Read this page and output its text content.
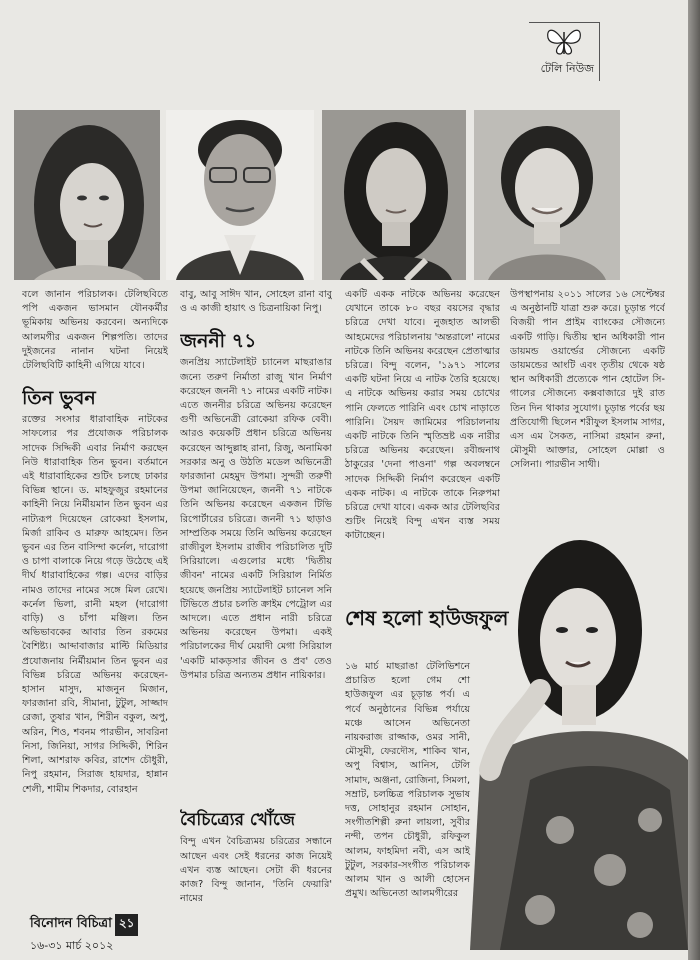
টেলি নিউজ
বলে জানান পরিচালক। টেলিছবিতে পপি একজন ভাসমান যৌনকর্মীর ভূমিকায় অভিনয় করবেন। অন্যদিকে আলমগীর একজন শিল্পপতি। তাদের দুইজনের নানান ঘটনা নিয়েই টেলিছবিটি কাহিনী এগিয়ে যাবে।
তিন ভুবন
রক্তের সংসার ধারাবাহিক নাটকের সাফল্যের পর প্রযোজক পরিচালক সাদেক সিদ্দিকী এবার নির্মাণ করছেন নিউ ধারাবাহিক তিন ভুবন। বর্তমানে এই ধারাবাহিকের শুটিং চলছে ঢাকার বিভিন্ন স্থানে। ড. মাহফুজুর রহমানের কাহিনী নিয়ে নির্মীয়মান তিন ভুবন এর নাট্যরূপ দিয়েছেন রোকেয়া ইসলাম, মির্জা রাকিব ও মারুফ আহমেদ। তিন ভুবন এর তিন বাসিন্দা কর্নেল, দারোগা ও চাপা বালাকে নিয়ে গড়ে উঠেছে এই দীর্ঘ ধারাবাহিকের গল্প। এদের বাড়ির নামও তাদের নামের সঙ্গে মিল রেখে। কর্নেল ভিলা, রানী মহল (দারোগা বাড়ি) ও চাঁপা মঞ্জিল। তিন অভিভাবকের আবার তিন রকমের বৈশিষ্ট্য। আব্দাবাজার মাল্টি মিডিয়ার প্রযোজনায় নির্মীয়মান তিন ভুবন এর বিভিন্ন চরিত্রে অভিনয় করেছেন- হাসান মাসুদ, মাজনুন মিজান, ফারজানা রবি, সীমানা, টুটুল, সাজ্জাদ রেজা, তুষার খান, শিরীন বকুল, অপু, অরিন, শিও, শবনম পারভীন, সাবরিনা নিসা, জিনিয়া, সাগর সিদ্দিকী, শিরিন শিলা, আশরাফ কবির, রাশেদ চৌধুরী, নিপু রহমান, সিরাজ হায়দার, হান্নান শেলী, শামীম শিকদার, বোরহান
বাবু, আবু সাঈদ খান, সোহেল রানা বাবু ও এ কাজী হায়াৎ ও চিত্রনায়িকা নিপু।
জননী ৭১
জনপ্রিয় স্যাটেলাইট চ্যানেল মাছরাঙার জন্যে তরুণ নির্মাতা রাজু খান নির্মাণ করেছেন জননী ৭১ নামের একটি নাটক। এতে জননীর চরিত্রে অভিনয় করেছেন গুণী অভিনেত্রী রোকেয়া রফিক বেবী। আরও কয়েকটি প্রধান চরিত্রে অভিনয় করেছেন আব্দুল্লাহ রানা, রিজু, অনামিকা সরকার অনু ও উঠতি মডেল অভিনেত্রী ফারজানা মেহমুদ উপমা। সুন্দরী তরুণী উপমা জানিয়েছেন, জননী ৭১ নাটকে তিনি অভিনয় করেছেন একজন টিভি রিপোর্টারের চরিত্রে। জননী ৭১ ছাড়াও সাম্প্রতিক সময়ে তিনি অভিনয় করেছেন রাজীবুল ইসলাম রাজীব পরিচালিত দুটি সিরিয়ালে। এগুলোর মধ্যে 'দ্বিতীয় জীবন' নামের একটি সিরিয়াল নির্মিত হয়েছে জনপ্রিয় স্যাটেলাইট চ্যানেল সনি টিভিতে প্রচার চলতি ক্রাইম পেট্রোল এর আদলে। এতে প্রধান নারী চরিত্রে অভিনয় করেছেন উপমা। একই পরিচালকের দীর্ঘ মেয়াদী মেগা সিরিয়াল 'একটি মাকড়সার জীবন ও প্রব' তেও উপমার চরিত্র অন্যতম প্রধান নায়িকার।
বৈচিত্র্যের খোঁজে
বিন্দু এখন বৈচিত্র্যময় চরিত্রের সন্ধানে আছেন এবং সেই ধরনের কাজ নিয়েই এখন ব্যস্ত আছেন। সেটা কী ধরনের কাজ? বিন্দু জানান, 'তিনি ফেয়ারি' নামের
একটি একক নাটকে অভিনয় করেছেন যেখানে তাকে ৮০ বছর বয়সের বৃদ্ধার চরিত্রে দেখা যাবে। নুজহাত আলভী আহমেদের পরিচালনায় 'অন্তরালে' নামের নাটকে তিনি অভিনয় করেছেন প্রেতাত্মার চরিত্রে। বিন্দু বলেন, '১৯৭১ সালের একটি ঘটনা নিয়ে এ নাটক তৈরি হয়েছে। এ নাটকে অভিনয় করার সময় চোখের পানি ফেলতে পারিনি এবং চোখ নাড়াতে পারিনি। সৈয়দ জামিমের পরিচালনায় একটি নাটকে তিনি স্মৃতিভ্রষ্ট এক নারীর চরিত্রে অভিনয় করেছেন। রবীন্দ্রনাথ ঠাকুরের 'দেনা পাওনা' গল্প অবলম্বনে সাদেক সিদ্দিকী নির্মাণ করেছেন একটি একক নাটক। এ নাটকে তাকে নিরুপমা চরিত্রে দেখা যাবে। একক আর টেলিছবির শুটিং নিয়েই বিন্দু এখন ব্যস্ত সময় কাটাচ্ছেন।
উপস্থাপনায় ২০১১ সালের ১৬ সেপ্টেম্বর এ অনুষ্ঠানটি যাত্রা শুরু করে। চূড়ান্ত পর্বে বিজয়ী পান প্রাইম ব্যাংকের সৌজন্যে একটি গাড়ি। দ্বিতীয় স্থান অধিকারী পান ডায়মন্ড ওয়ার্ল্ডের সৌজন্যে একটি ডায়মন্ডের আংটি এবং তৃতীয় থেকে ষষ্ঠ স্থান অধিকারী প্রত্যেকে পান হোটেল সি-গালের সৌজন্যে কক্সবাজারে দুই রাত তিন দিন থাকার সুযোগ। চূড়ান্ত পর্বের ছয় প্রতিযোগী ছিলেন শরীফুল ইসলাম সাগর, এস এম সৈকত, নাসিমা রহমান রুনা, মৌসুমী আক্তার, সোহেল মোল্লা ও সেলিনা। পারভীন সাথী।
শেষ হলো হাউজফুল
১৬ মার্চ মাছরাঙা টেলিভিশনে প্রচারিত হলো গেম শো হাউজফুল এর চূড়ান্ত পর্ব। এ পর্বে অনুষ্ঠানের বিভিন্ন পর্যায়ে মঞ্চে আসেন অভিনেতা নায়করাজ রাজ্জাক, ওমর সানী, মৌসুমী, ফেরদৌস, শাকিব খান, অপু বিশ্বাস, আনিস, টেলি সামাদ, অঞ্জনা, রোজিনা, সিমলা, সম্রাট, চলচ্চিত্র পরিচালক সুভাষ দত্ত, সোহানুর রহমান সোহান, সংগীতশিল্পী রুনা লায়লা, সুবীর নন্দী, তপন চৌধুরী, রফিকুল আলম, ফাহমিদা নবী, এস আই টুটুল, সরকার-সংগীত পরিচালক আলম খান ও আলী হোসেন প্রমুখ। অভিনেতা আলমগীরের
বিনোদন বিচিত্রা ২১
১৬-৩১ মার্চ ২০১২
